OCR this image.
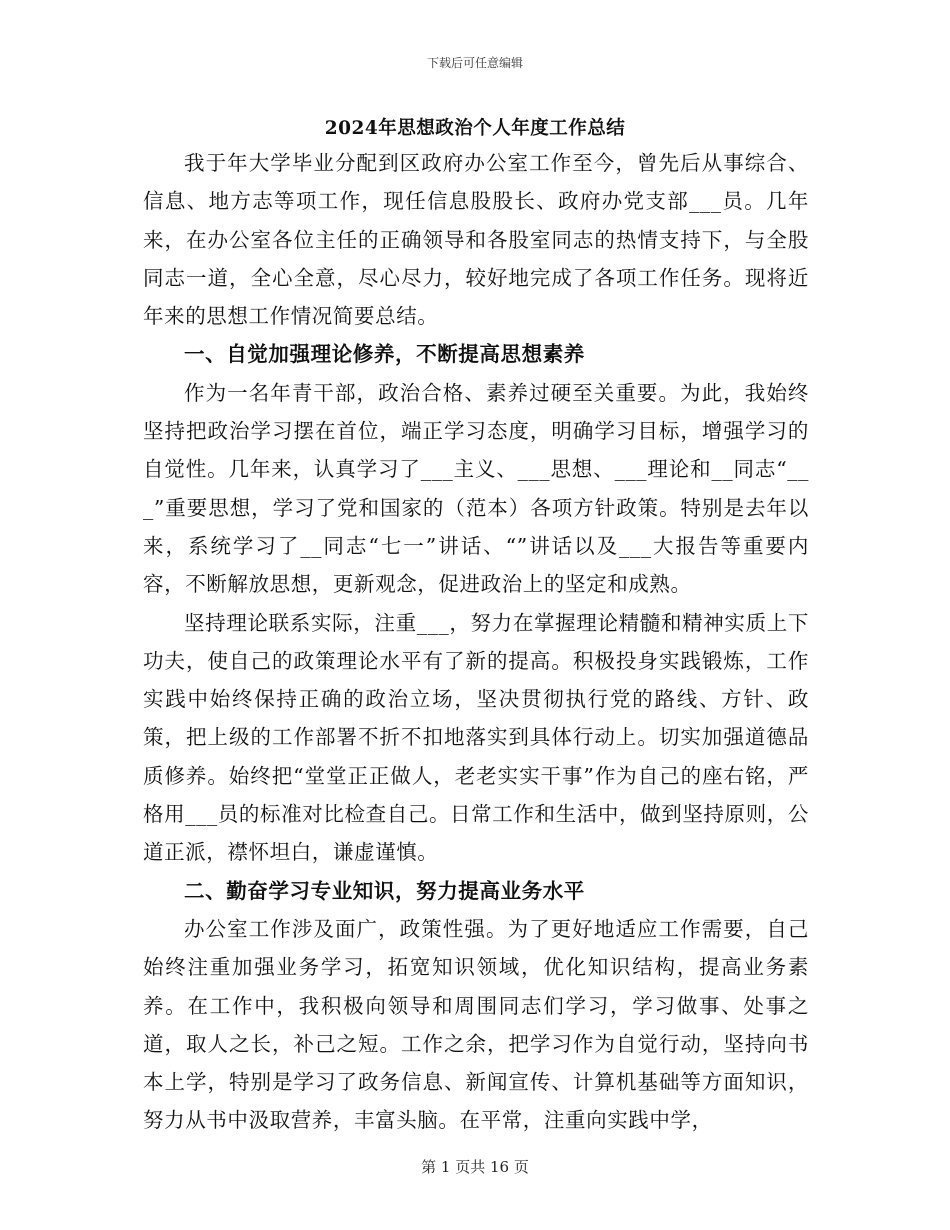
下载后可任意编辑
2024年思想政治个人年度工作总结

我于年大学毕业分配到区政府办公室工作至今，曾先后从事综合、信息、地方志等项工作，现任信息股股长、政府办党支部___员。几年来，在办公室各位主任的正确领导和各股室同志的热情支持下，与全股同志一道，全心全意，尽心尽力，较好地完成了各项工作任务。现将近年来的思想工作情况简要总结。

一、自觉加强理论修养，不断提高思想素养

作为一名年青干部，政治合格、素养过硬至关重要。为此，我始终坚持把政治学习摆在首位，端正学习态度，明确学习目标，增强学习的自觉性。几年来，认真学习了___主义、___思想、___理论和__同志“___”重要思想，学习了党和国家的（范本）各项方针政策。特别是去年以来，系统学习了__同志“七一”讲话、“”讲话以及___大报告等重要内容，不断解放思想，更新观念，促进政治上的坚定和成熟。

坚持理论联系实际，注重___，努力在掌握理论精髓和精神实质上下功夫，使自己的政策理论水平有了新的提高。积极投身实践锻炼，工作实践中始终保持正确的政治立场，坚决贯彻执行党的路线、方针、政策，把上级的工作部署不折不扣地落实到具体行动上。切实加强道德品质修养。始终把“堂堂正正做人，老老实实干事”作为自己的座右铭，严格用___员的标准对比检查自己。日常工作和生活中，做到坚持原则，公道正派，襟怀坦白，谦虚谨慎。

二、勤奋学习专业知识，努力提高业务水平

办公室工作涉及面广，政策性强。为了更好地适应工作需要，自己始终注重加强业务学习，拓宽知识领域，优化知识结构，提高业务素养。在工作中，我积极向领导和周围同志们学习，学习做事、处事之道，取人之长，补己之短。工作之余，把学习作为自觉行动，坚持向书本上学，特别是学习了政务信息、新闻宣传、计算机基础等方面知识，努力从书中汲取营养，丰富头脑。在平常，注重向实践中学，

第 1 页共 16 页
